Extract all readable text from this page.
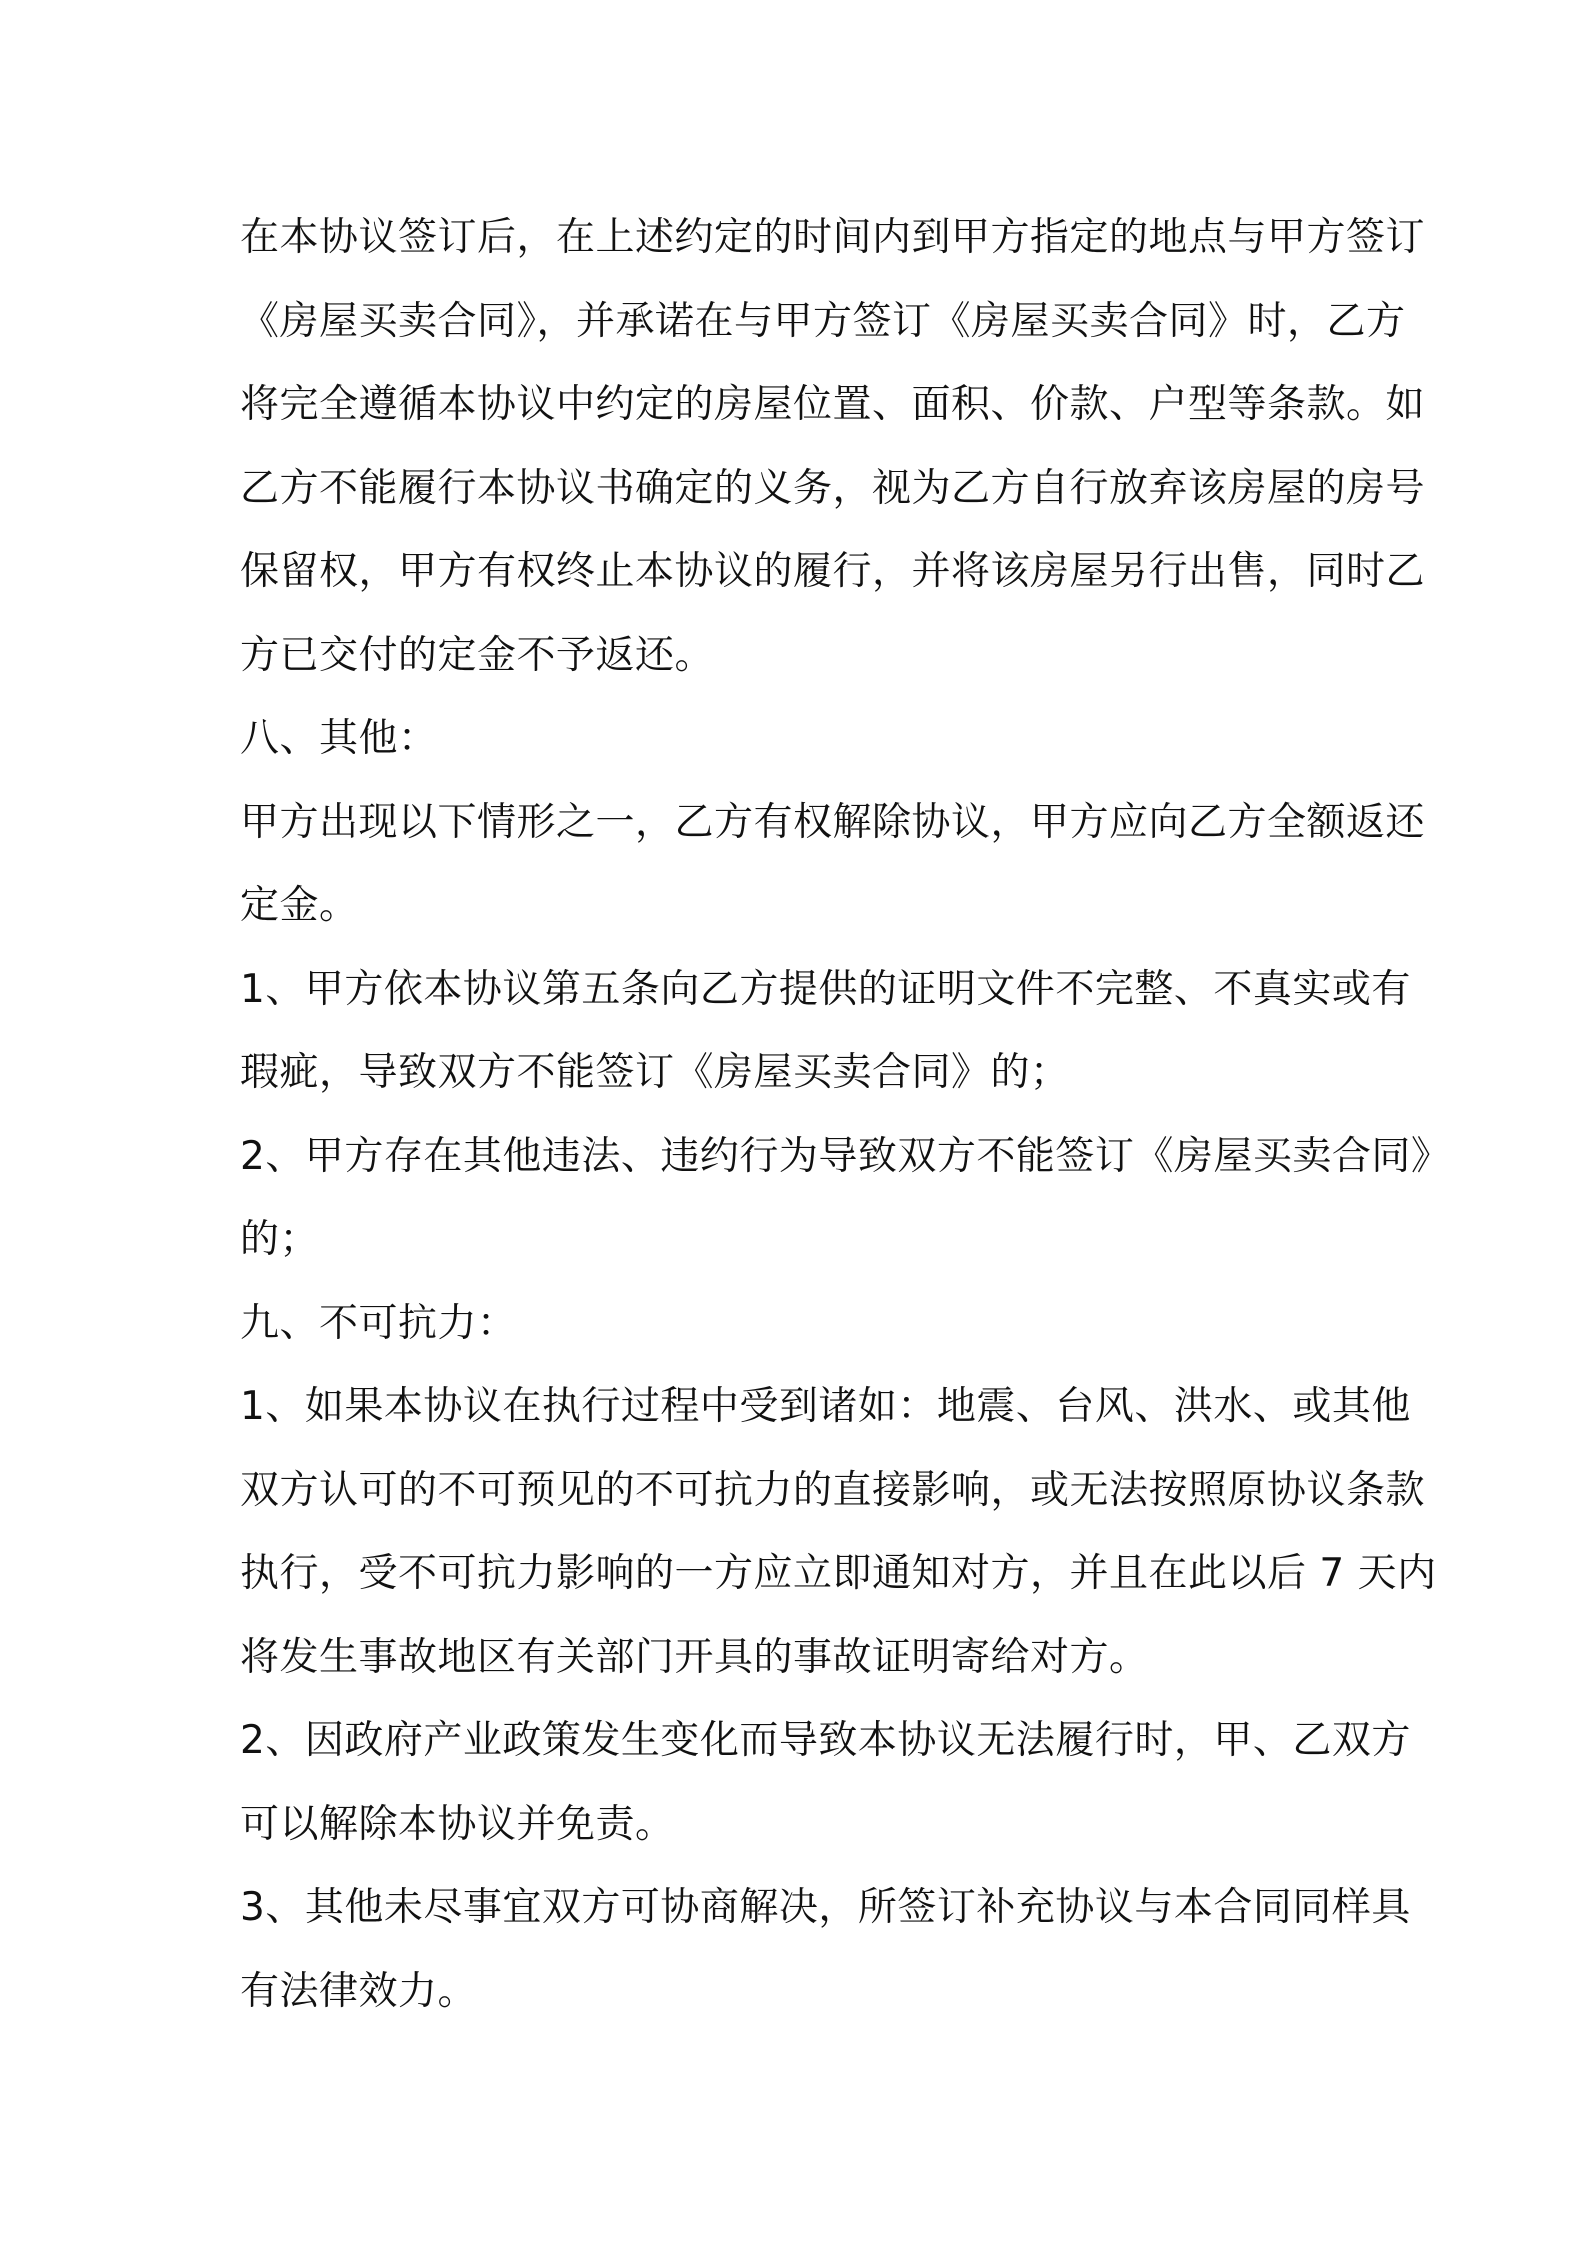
在本协议签订后，在上述约定的时间内到甲方指定的地点与甲方签订
《房屋买卖合同》，并承诺在与甲方签订《房屋买卖合同》时，乙方
将完全遵循本协议中约定的房屋位置、面积、价款、户型等条款。如
乙方不能履行本协议书确定的义务，视为乙方自行放弃该房屋的房号
保留权，甲方有权终止本协议的履行，并将该房屋另行出售，同时乙
方已交付的定金不予返还。
八、其他：
甲方出现以下情形之一，乙方有权解除协议，甲方应向乙方全额返还
定金。
1、甲方依本协议第五条向乙方提供的证明文件不完整、不真实或有
瑕疵，导致双方不能签订《房屋买卖合同》的；
2、甲方存在其他违法、违约行为导致双方不能签订《房屋买卖合同》
的；
九、不可抗力：
1、如果本协议在执行过程中受到诸如：地震、台风、洪水、或其他
双方认可的不可预见的不可抗力的直接影响，或无法按照原协议条款
执行，受不可抗力影响的一方应立即通知对方，并且在此以后 7 天内
将发生事故地区有关部门开具的事故证明寄给对方。
2、因政府产业政策发生变化而导致本协议无法履行时，甲、乙双方
可以解除本协议并免责。
3、其他未尽事宜双方可协商解决，所签订补充协议与本合同同样具
有法律效力。
